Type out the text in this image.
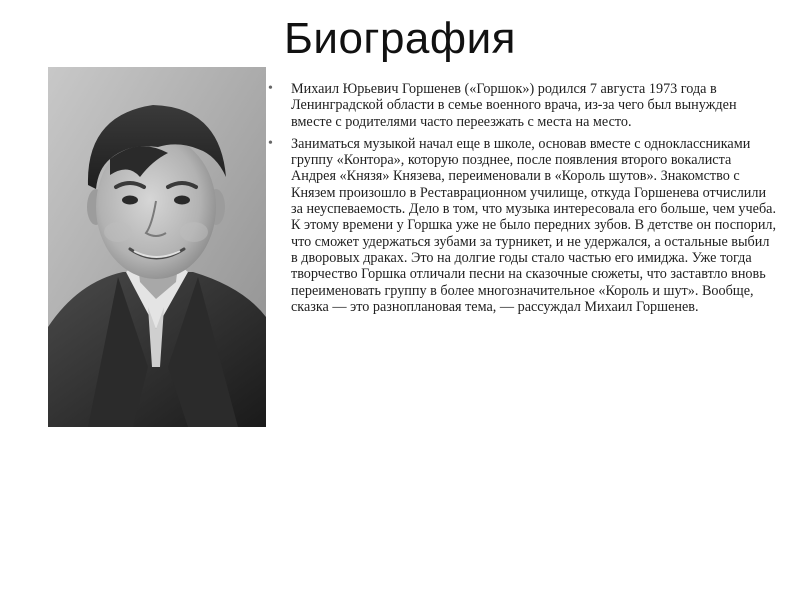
Биография
• Михаил Юрьевич Горшенев («Горшок») родился 7 августа 1973 года в Ленинградской области в семье военного врача, из-за чего был вынужден вместе с родителями часто переезжать с места на место.
• Заниматься музыкой начал еще в школе, основав вместе с одноклассниками группу «Контора», которую позднее, после появления второго вокалиста Андрея «Князя» Князева, переименовали в «Король шутов». Знакомство с Князем произошло в Реставрационном училище, откуда Горшенева отчислили за неуспеваемость. Дело в том, что музыка интересовала его больше, чем учеба. К этому времени у Горшка уже не было передних зубов. В детстве он поспорил, что сможет удержаться зубами за турникет, и не удержался, а остальные выбил в дворовых драках. Это на долгие годы стало частью его имиджа. Уже тогда творчество Горшка отличали песни на сказочные сюжеты, что заставтло вновь переименовать группу в более многозначительное «Король и шут». Вообще, сказка — это разноплановая тема, — рассуждал Михаил Горшенев.
